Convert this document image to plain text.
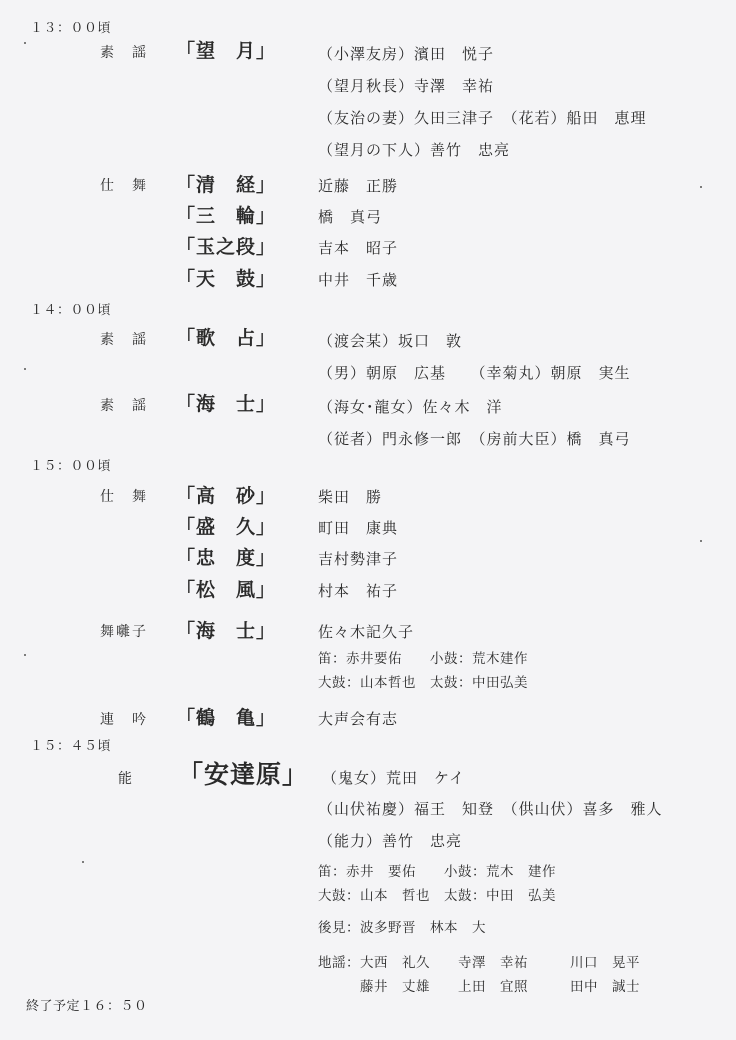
１３：００頃
素　謡 「望　月」	（小澤友房）濱田　悦子
（望月秋長）寺澤　幸祐
（友治の妻）久田三津子　（花若）船田　恵理
（望月の下人）善竹　忠亮
仕　舞 「清　経」	近藤　正勝
「三　輪」	橋　真弓
「玉之段」	吉本　昭子
「天　鼓」	中井　千歳
１４：００頃
素　謡 「歌　占」	（渡会某）坂口　敦
（男）朝原　広基　　（幸菊丸）朝原　実生
素　謡 「海　士」	（海女･龍女）佐々木　洋
（従者）門永修一郎　（房前大臣）橋　真弓
１５：００頃
仕　舞 「高　砂」	柴田　勝
「盛　久」	町田　康典
「忠　度」	吉村勢津子
「松　風」	村本　祐子
舞囃子 「海　士」	佐々木記久子
笛：赤井要佑　　小鼓：荒木建作
大鼓：山本哲也　太鼓：中田弘美
連　吟 「鶴　亀」	大声会有志
１５：４５頃
能 「安達原」 （鬼女）荒田　ケイ
（山伏祐慶）福王　知登　（供山伏）喜多　雅人
（能力）善竹　忠亮
笛：赤井　要佑　　小鼓：荒木　建作
大鼓：山本　哲也　太鼓：中田　弘美
後見：波多野晋　林本　大
地謡：大西　礼久　　寺澤　幸祐　　　川口　晃平
　　　藤井　丈雄　　上田　宜照　　　田中　誠士
終了予定１６：５０
